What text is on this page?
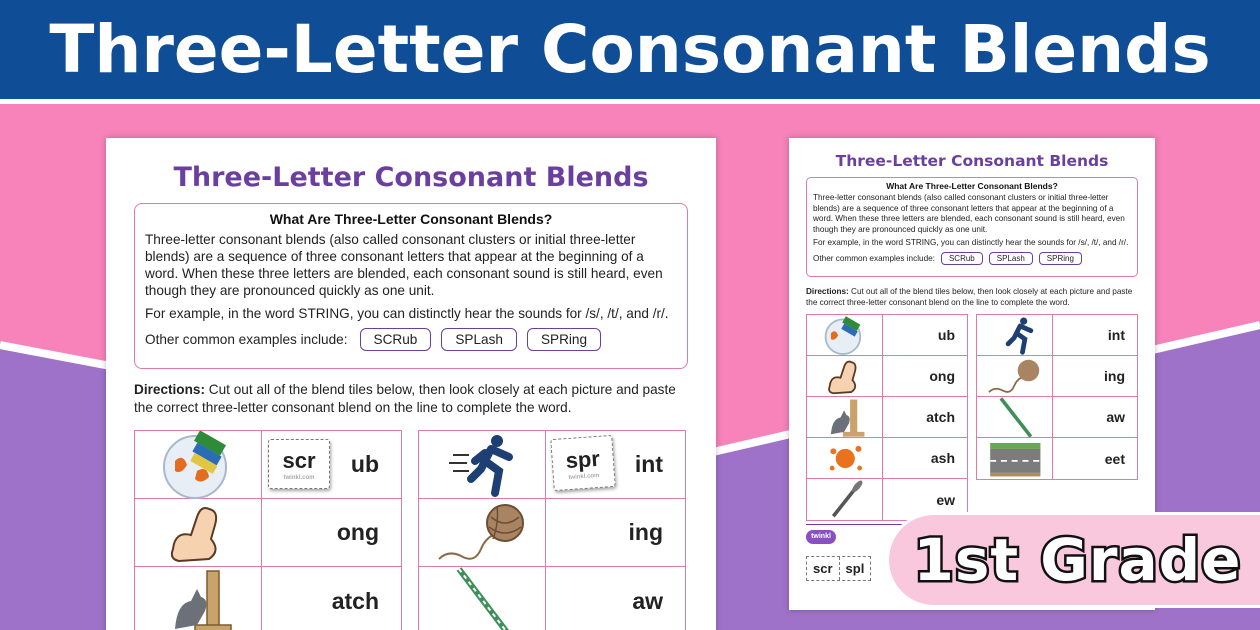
Three-Letter Consonant Blends
Three-Letter Consonant Blends
What Are Three-Letter Consonant Blends?

Three-letter consonant blends (also called consonant clusters or initial three-letter blends) are a sequence of three consonant letters that appear at the beginning of a word. When these three letters are blended, each consonant sound is still heard, even though they are pronounced quickly as one unit.

For example, in the word STRING, you can distinctly hear the sounds for /s/, /t/, and /r/.

Other common examples include:	SCRub	SPLash	SPRing

Directions: Cut out all of the blend tiles below, then look closely at each picture and paste the correct three-letter consonant blend on the line to complete the word.

scr
twinkl.com
ub
ong
atch
spr
twinkl.com int
ing
aw
Three-Letter Consonant Blends
What Are Three-Letter Consonant Blends?

Three-letter consonant blends (also called consonant clusters or initial three-letter blends) are a sequence of three consonant letters that appear at the beginning of a word. When these three letters are blended, each consonant sound is still heard, even though they are pronounced quickly as one unit.

For example, in the word STRING, you can distinctly hear the sounds for /s/, /t/, and /r/.

Other common examples include:	SCRub	SPLash	SPRing

Directions: Cut out all of the blend tiles below, then look closely at each picture and paste the correct three-letter consonant blend on the line to complete the word.

ub
ong
atch
ash
ew
int
ing
aw
eet
twinkl
scr	spl 1st Grade
